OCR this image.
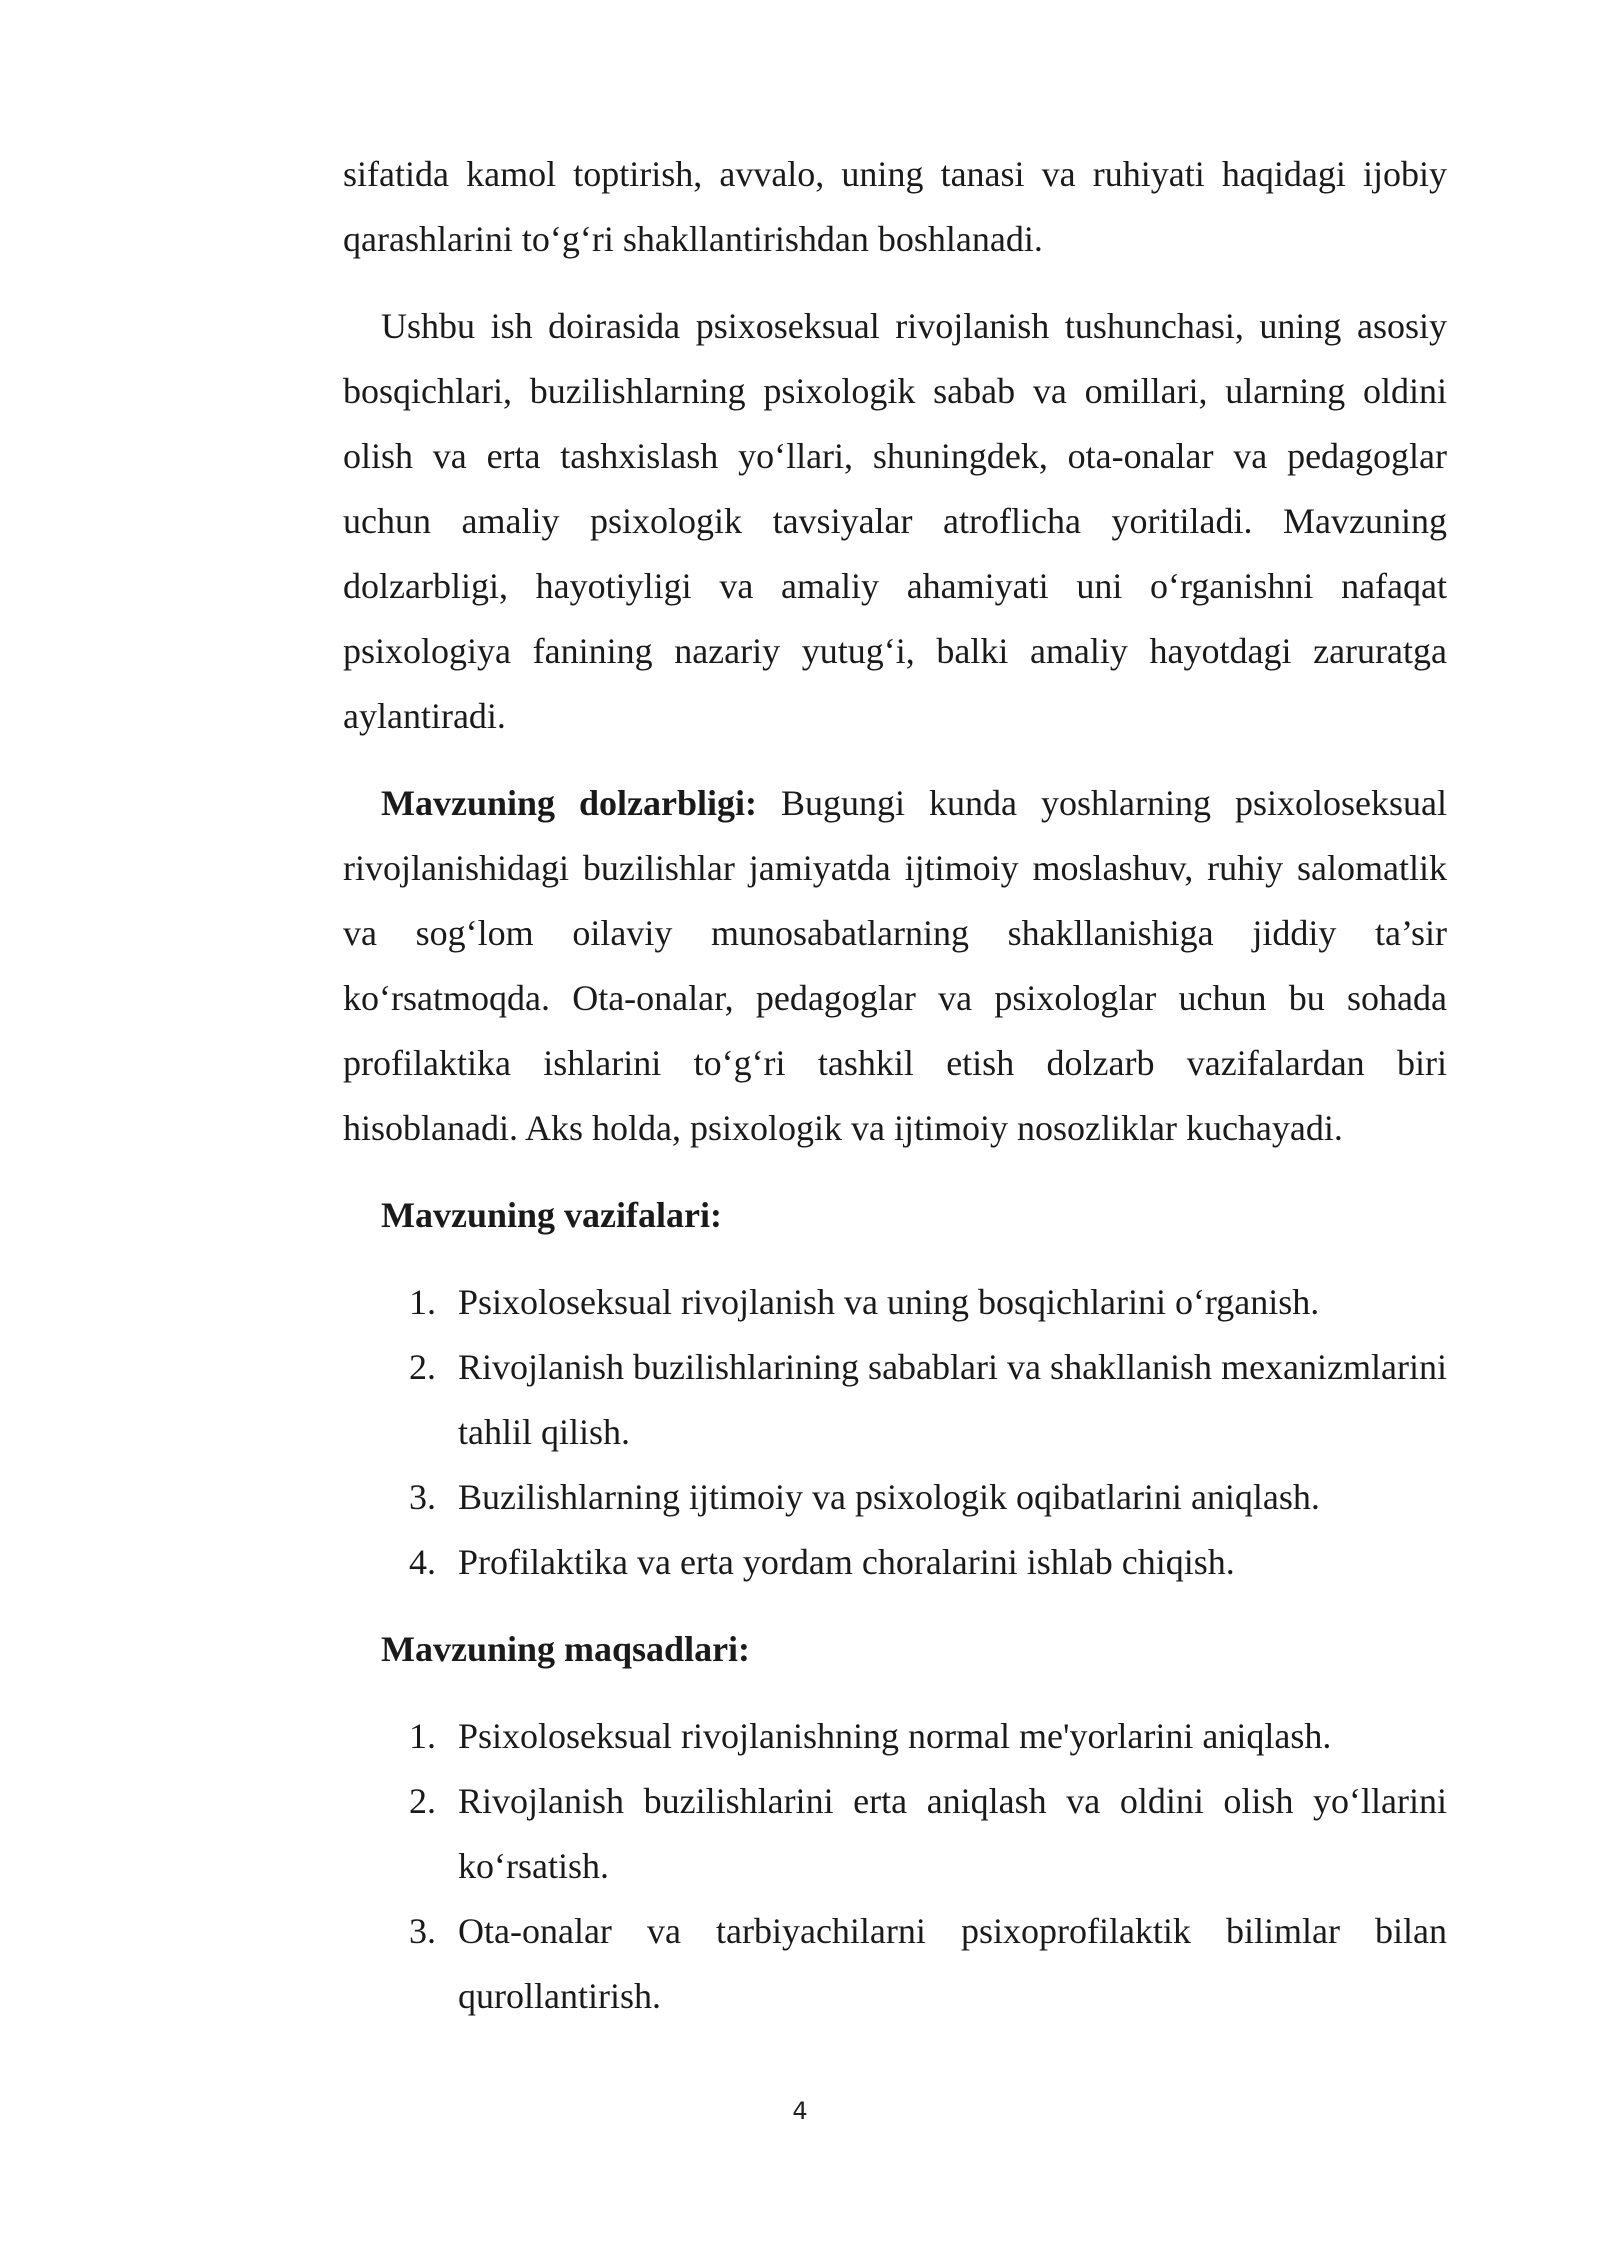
sifatida kamol toptirish, avvalo, uning tanasi va ruhiyati haqidagi ijobiy qarashlarini to‘g‘ri shakllantirishdan boshlanadi.

Ushbu ish doirasida psixoseksual rivojlanish tushunchasi, uning asosiy bosqichlari, buzilishlarning psixologik sabab va omillari, ularning oldini olish va erta tashxislash yo‘llari, shuningdek, ota-onalar va pedagoglar uchun amaliy psixologik tavsiyalar atroflicha yoritiladi. Mavzuning dolzarbligi, hayotiyligi va amaliy ahamiyati uni o‘rganishni nafaqat psixologiya fanining nazariy yutug‘i, balki amaliy hayotdagi zaruratga aylantiradi.

Mavzuning dolzarbligi: Bugungi kunda yoshlarning psixoloseksual rivojlanishidagi buzilishlar jamiyatda ijtimoiy moslashuv, ruhiy salomatlik va sog‘lom oilaviy munosabatlarning shakllanishiga jiddiy ta’sir ko‘rsatmoqda. Ota-onalar, pedagoglar va psixologlar uchun bu sohada profilaktika ishlarini to‘g‘ri tashkil etish dolzarb vazifalardan biri hisoblanadi. Aks holda, psixologik va ijtimoiy nosozliklar kuchayadi.

Mavzuning vazifalari:

1. Psixoloseksual rivojlanish va uning bosqichlarini o‘rganish.
2. Rivojlanish buzilishlarining sabablari va shakllanish mexanizmlarini tahlil qilish.
3. Buzilishlarning ijtimoiy va psixologik oqibatlarini aniqlash.
4. Profilaktika va erta yordam choralarini ishlab chiqish.

Mavzuning maqsadlari:

1. Psixoloseksual rivojlanishning normal me'yorlarini aniqlash.
2. Rivojlanish buzilishlarini erta aniqlash va oldini olish yo‘llarini ko‘rsatish.
3. Ota-onalar va tarbiyachilarni psixoprofilaktik bilimlar bilan qurollantirish.
4
